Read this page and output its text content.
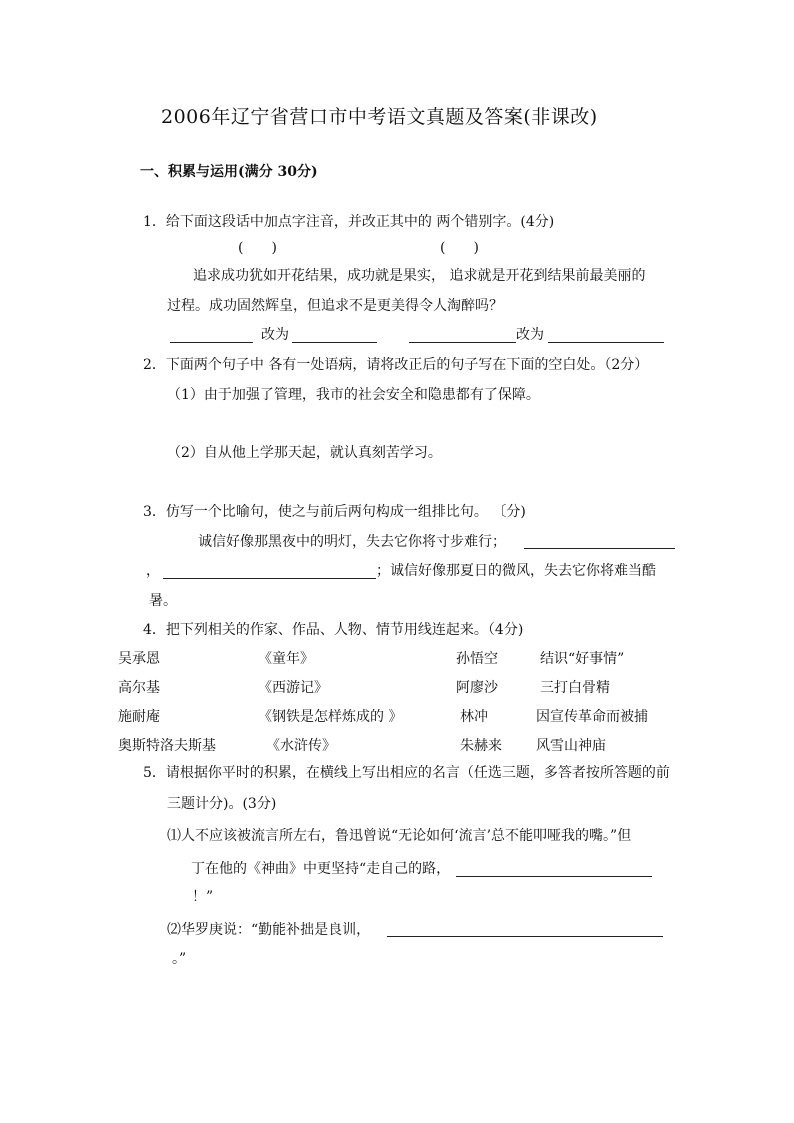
2006年辽宁省营口市中考语文真题及答案(非课改)
一、积累与运用(满分 30分)
1．给下面这段话中加点字注音，并改正其中的 两个错别字。(4分)
(　　)	(　　)
追求成功犹如开花结果，成功就是果实， 追求就是开花到结果前最美丽的
过程。成功固然辉皇，但追求不是更美得令人淘醉吗？
改为	改为
2．下面两个句子中 各有一处语病，请将改正后的句子写在下面的空白处。（2分）
（1）由于加强了管理，我市的社会安全和隐患都有了保障。
（2）自从他上学那天起，就认真刻苦学习。
3．仿写一个比喻句，使之与前后两句构成一组排比句。 〔分)
诚信好像那黑夜中的明灯，失去它你将寸步难行；
，	；诚信好像那夏日的微风，失去它你将难当酷
暑。
4．把下列相关的作家、作品、人物、情节用线连起来。（4分)
吴承恩	《童年》	孙悟空	结识“好事情”
高尔基	《西游记》	阿廖沙	三打白骨精
施耐庵	《钢铁是怎样炼成的 》	林冲	因宣传革命而被捕
奥斯特洛夫斯基	《水浒传》	朱赫来 风雪山神庙
5．请根据你平时的积累，在横线上写出相应的名言（任选三题，多答者按所答题的前
三题计分)。(3分)
⑴人不应该被流言所左右，鲁迅曾说“无论如何‘流言’总不能叩哑我的嘴。”但
丁在他的《神曲》中更坚持“走自己的路，
！”
⑵华罗庚说：“勤能补拙是良训，
。”
